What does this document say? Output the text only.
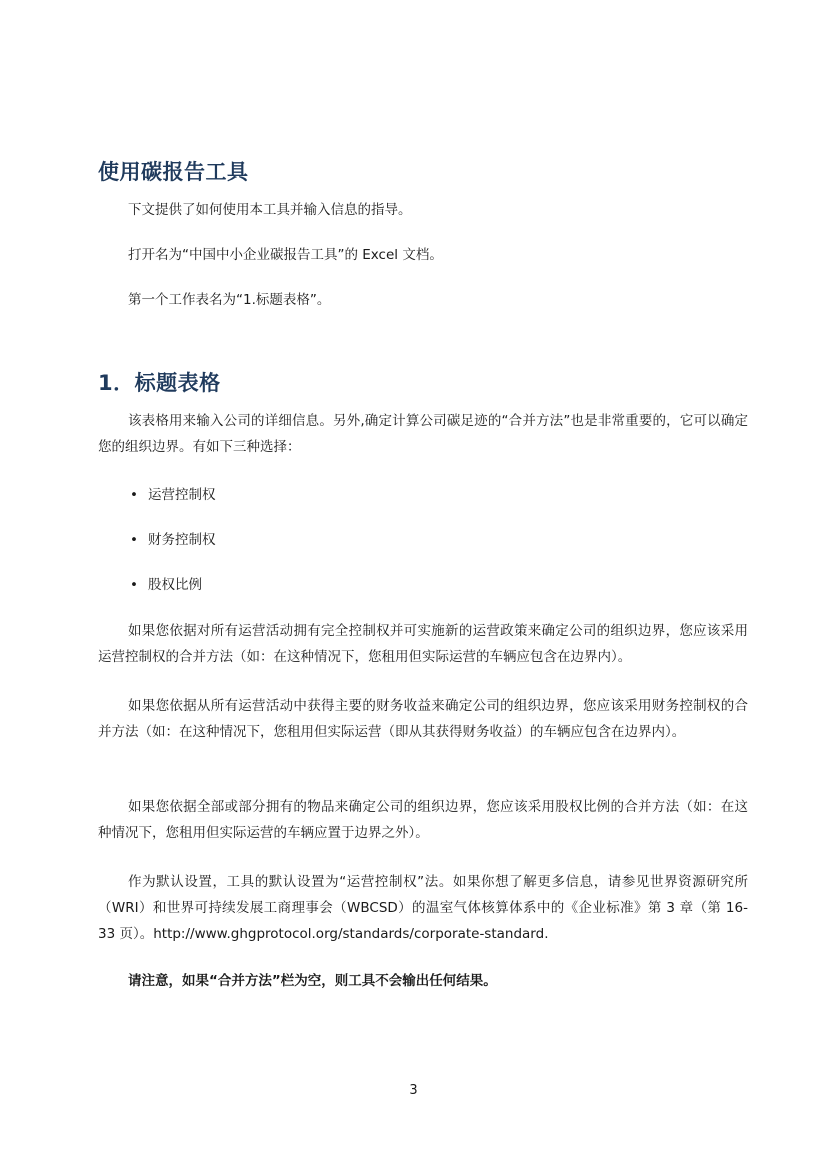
使用碳报告工具

下文提供了如何使用本工具并输入信息的指导。

打开名为“中国中小企业碳报告工具”的 Excel 文档。

第一个工作表名为“1.标题表格”。

1．标题表格

该表格用来输入公司的详细信息。另外,确定计算公司碳足迹的“合并方法”也是非常重要的，它可以确定您的组织边界。有如下三种选择：

• 运营控制权
• 财务控制权
• 股权比例

如果您依据对所有运营活动拥有完全控制权并可实施新的运营政策来确定公司的组织边界，您应该采用运营控制权的合并方法（如：在这种情况下，您租用但实际运营的车辆应包含在边界内）。

如果您依据从所有运营活动中获得主要的财务收益来确定公司的组织边界，您应该采用财务控制权的合并方法（如：在这种情况下，您租用但实际运营（即从其获得财务收益）的车辆应包含在边界内）。

如果您依据全部或部分拥有的物品来确定公司的组织边界，您应该采用股权比例的合并方法（如：在这种情况下，您租用但实际运营的车辆应置于边界之外）。

作为默认设置，工具的默认设置为“运营控制权”法。如果你想了解更多信息，请参见世界资源研究所（WRI）和世界可持续发展工商理事会（WBCSD）的温室气体核算体系中的《企业标准》第 3 章（第 16-33 页）。http://www.ghgprotocol.org/standards/corporate-standard.

请注意，如果“合并方法”栏为空，则工具不会输出任何结果。

3
